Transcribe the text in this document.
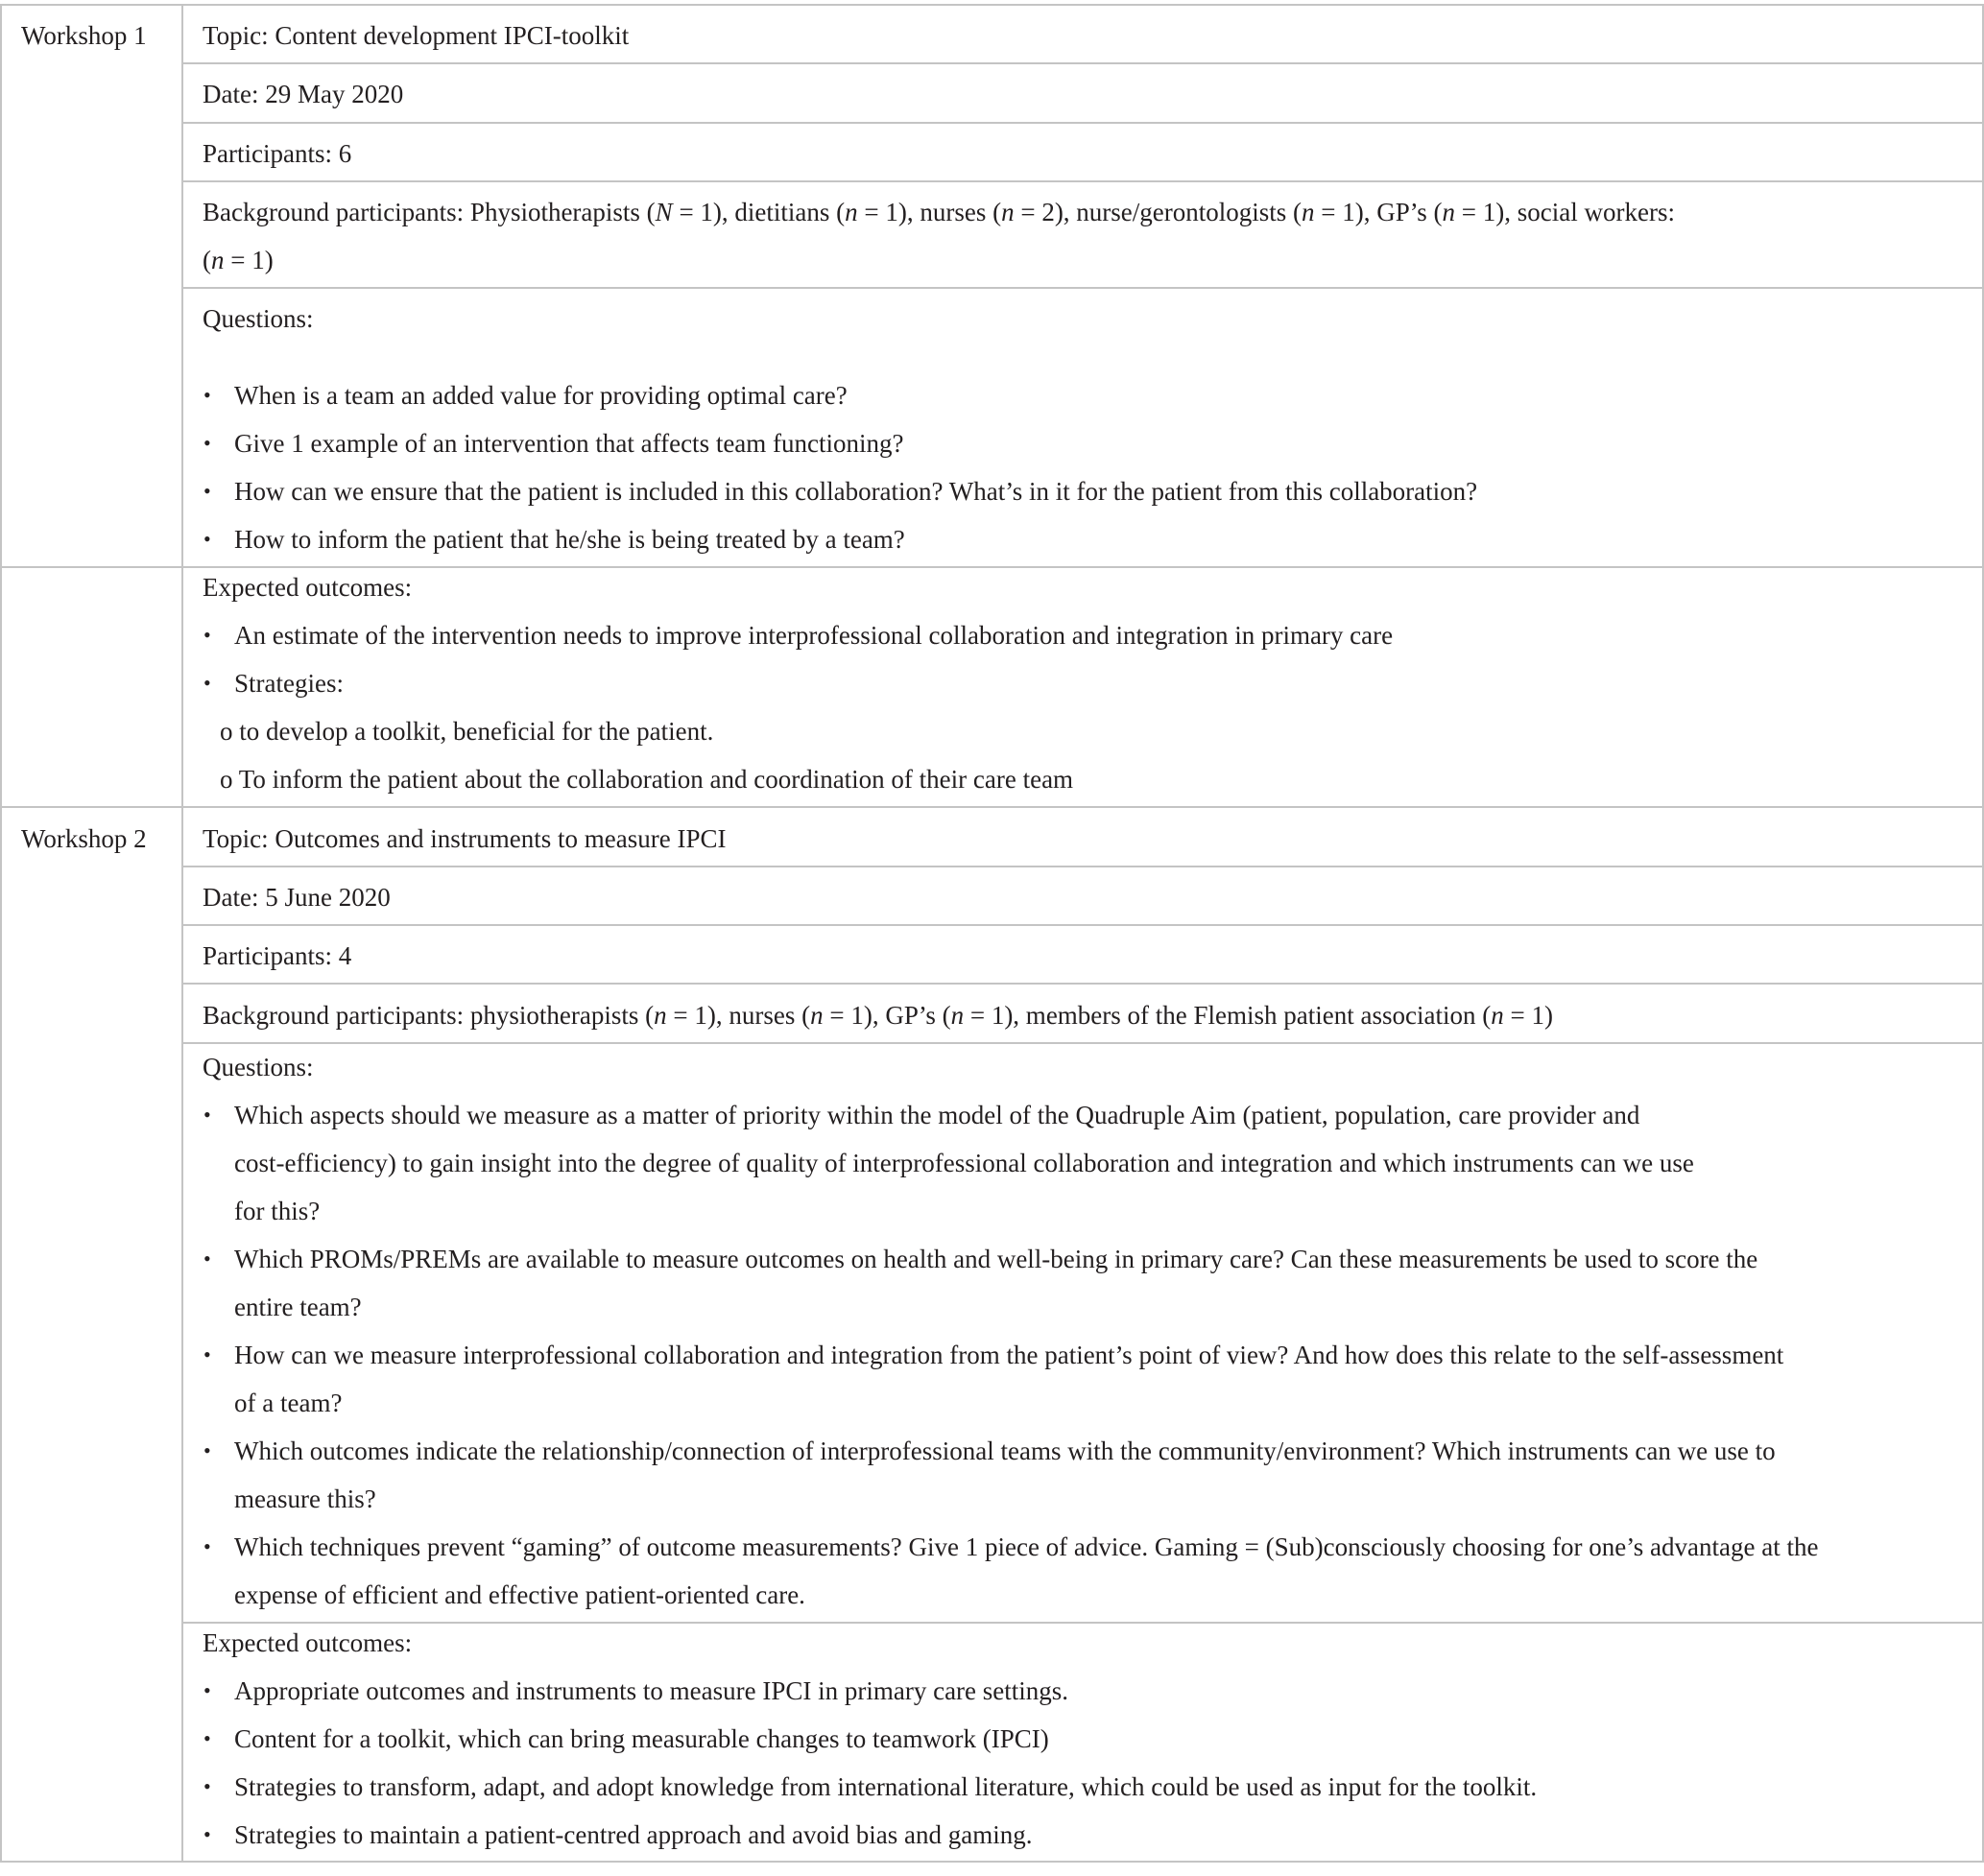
Workshop 1 Topic: Content development IPCI-toolkit
Date: 29 May 2020
Participants: 6
Background participants: Physiotherapists (N = 1), dietitians (n = 1), nurses (n = 2), nurse/gerontologists (n = 1), GP’s (n = 1), social workers:
(n = 1)
Questions:
• When is a team an added value for providing optimal care?
• Give 1 example of an intervention that affects team functioning?
• How can we ensure that the patient is included in this collaboration? What’s in it for the patient from this collaboration?
• How to inform the patient that he/she is being treated by a team?
Expected outcomes:
• An estimate of the intervention needs to improve interprofessional collaboration and integration in primary care
• Strategies:
o to develop a toolkit, beneficial for the patient.
o To inform the patient about the collaboration and coordination of their care team
Workshop 2 Topic: Outcomes and instruments to measure IPCI
Date: 5 June 2020
Participants: 4
Background participants: physiotherapists (n = 1), nurses (n = 1), GP’s (n = 1), members of the Flemish patient association (n = 1)
Questions:
• Which aspects should we measure as a matter of priority within the model of the Quadruple Aim (patient, population, care provider and
cost-efficiency) to gain insight into the degree of quality of interprofessional collaboration and integration and which instruments can we use
for this?
• Which PROMs/PREMs are available to measure outcomes on health and well-being in primary care? Can these measurements be used to score the
entire team?
• How can we measure interprofessional collaboration and integration from the patient’s point of view? And how does this relate to the self-assessment
of a team?
• Which outcomes indicate the relationship/connection of interprofessional teams with the community/environment? Which instruments can we use to
measure this?
• Which techniques prevent “gaming” of outcome measurements? Give 1 piece of advice. Gaming = (Sub)consciously choosing for one’s advantage at the
expense of efficient and effective patient-oriented care.
Expected outcomes:
• Appropriate outcomes and instruments to measure IPCI in primary care settings.
• Content for a toolkit, which can bring measurable changes to teamwork (IPCI)
• Strategies to transform, adapt, and adopt knowledge from international literature, which could be used as input for the toolkit.
• Strategies to maintain a patient-centred approach and avoid bias and gaming.
